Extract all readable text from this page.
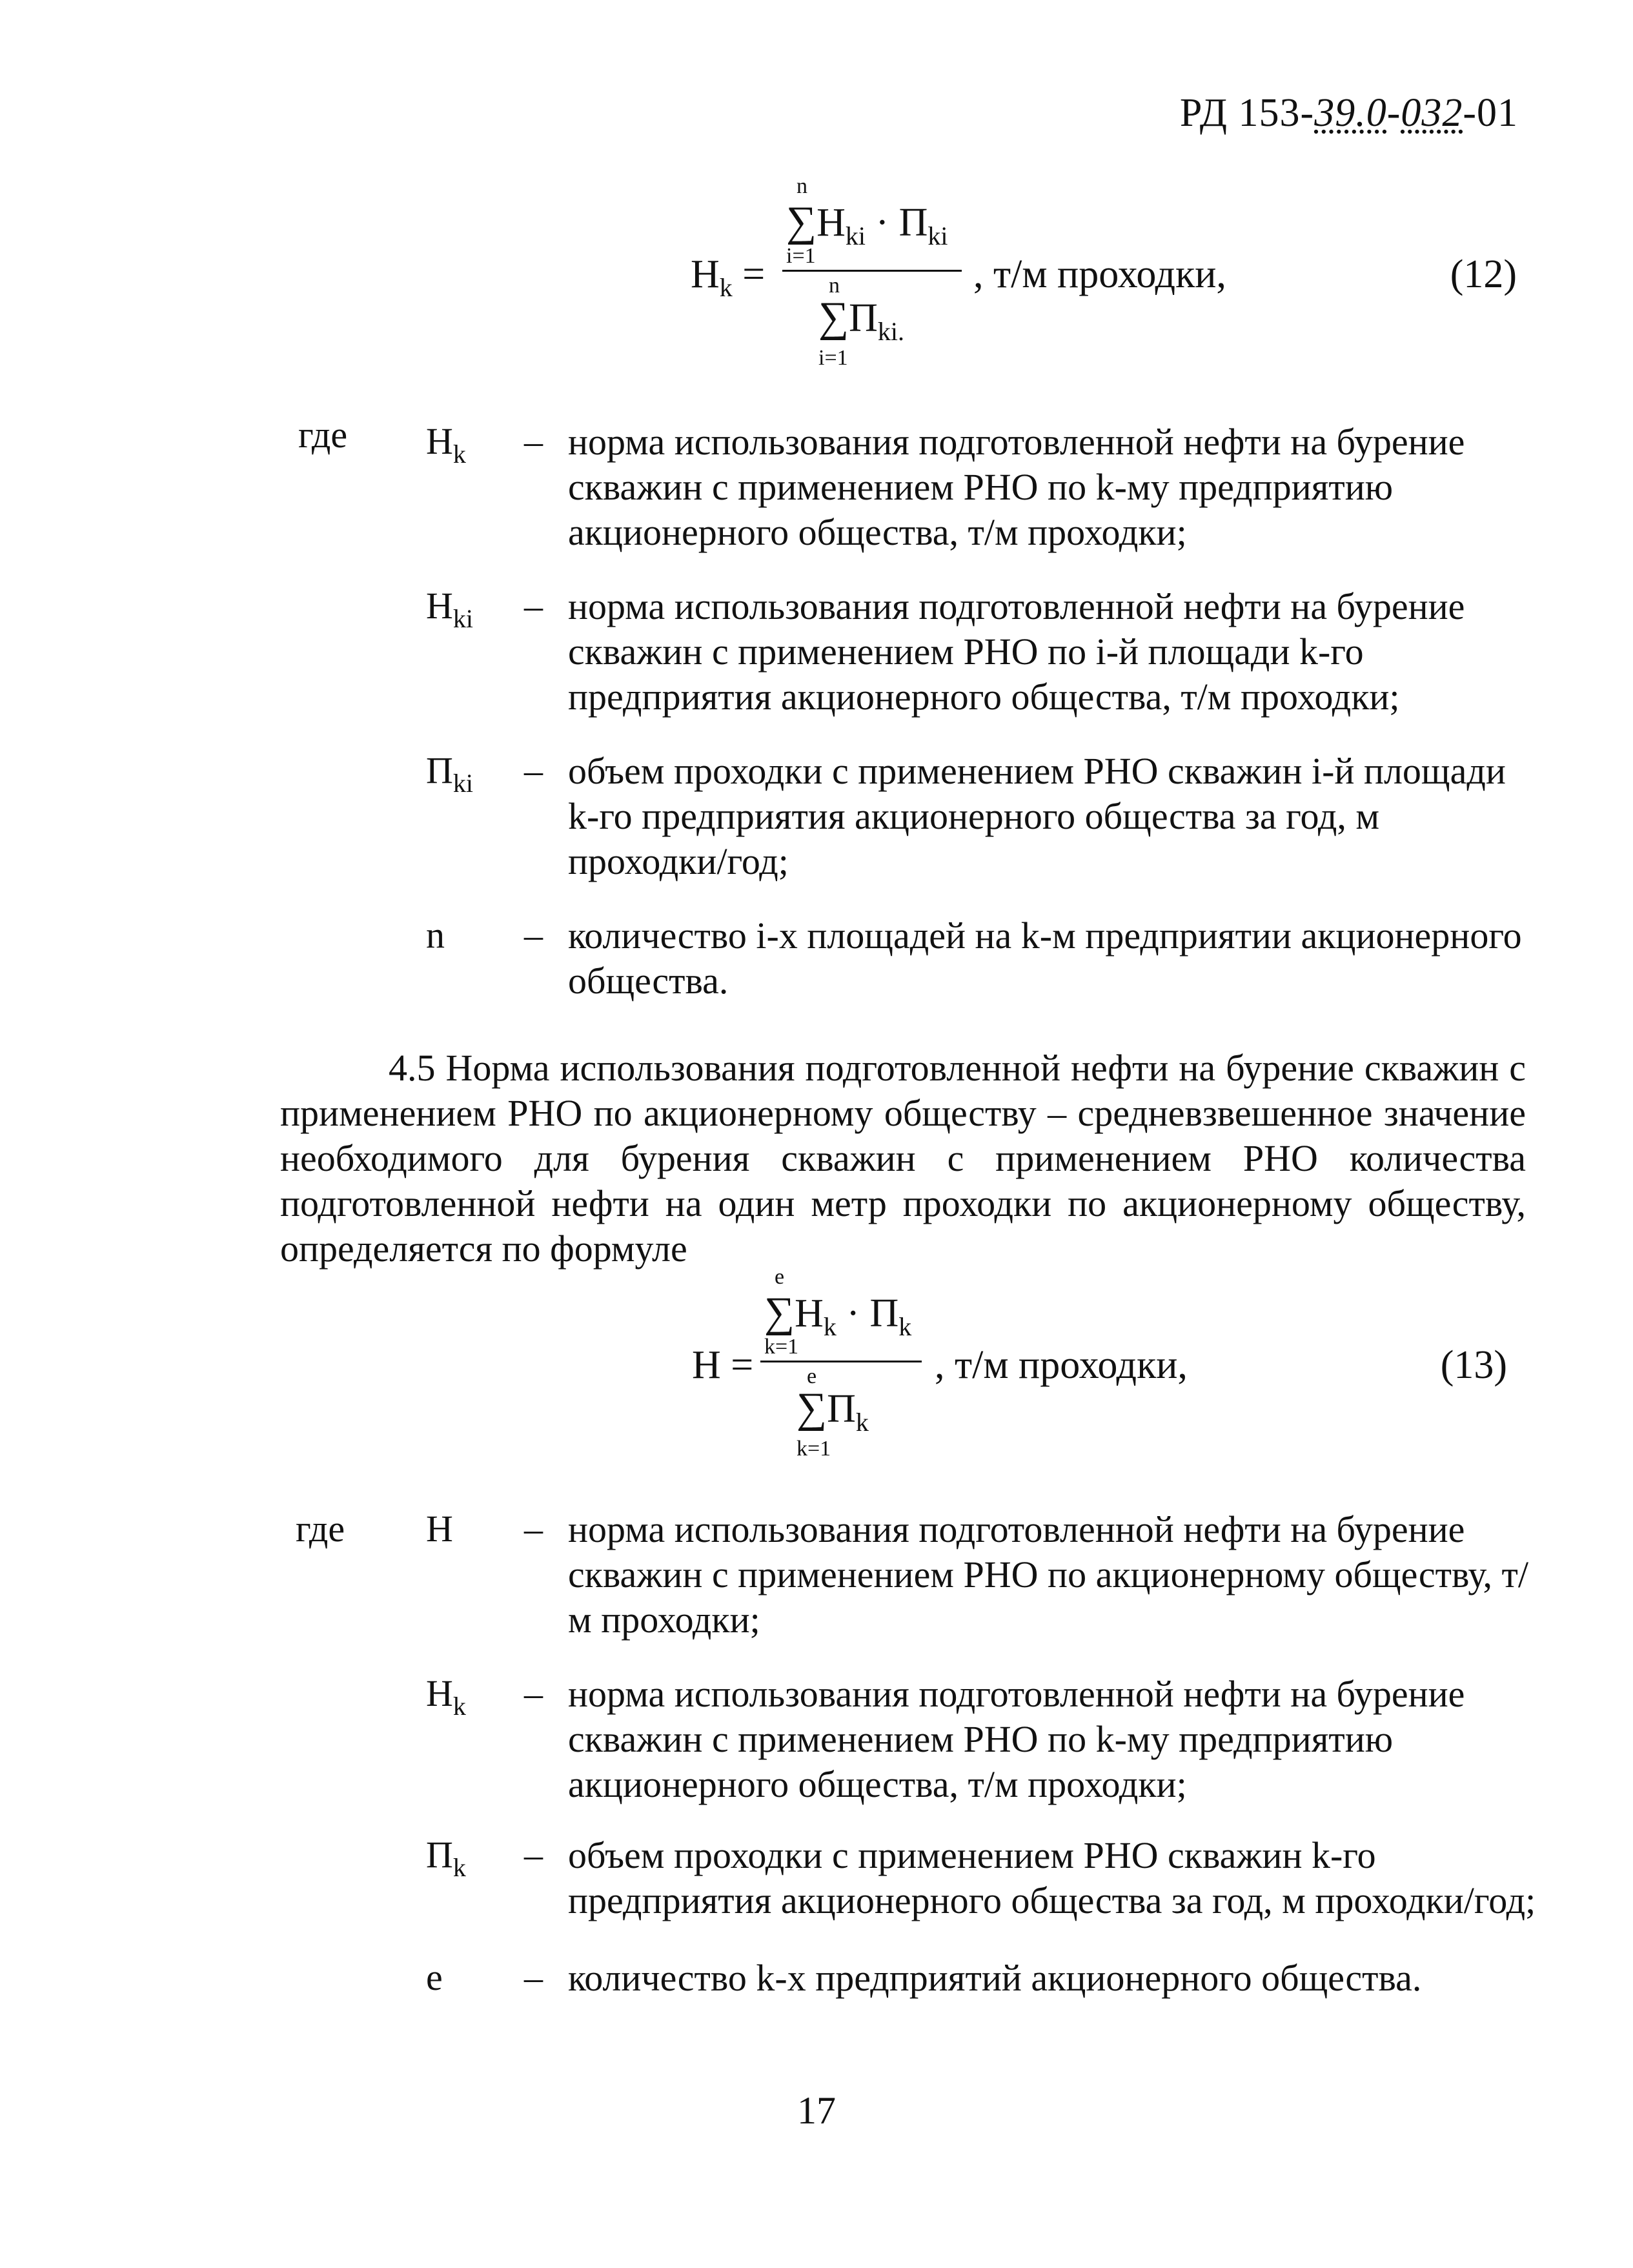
РД 153-39.0-032-01
$Н_k$ =
n
$\sum Н_{ki} \cdot П_{ki}$
i=1
n
$\sum П_{ki.}$
i=1
, т/м проходки,	(12)
где $Н_k$ – норма использования подготовленной нефти на бурение скважин с применением РНО по k-му предприятию акционерного общества, т/м проходки;
$Н_{ki}$ – норма использования подготовленной нефти на бурение скважин с применением РНО по i-й площади k-го предприятия акционерного общества, т/м проходки;
$П_{ki}$ – объем проходки с применением РНО скважин i-й площади k-го предприятия акционерного общества за год, м проходки/год;
n – количество i-х площадей на k-м предприятии акционерного общества.
4.5 Норма использования подготовленной нефти на бурение скважин с применением РНО по акционерному обществу – средневзвешенное значение необходимого для бурения скважин с применением РНО количества подготовленной нефти на один метр проходки по акционерному обществу, определяется по формуле
Н =
e
$\sum Н_k \cdot П_k$
k=1
e
$\sum П_k$
k=1
, т/м проходки,	(13)
где Н – норма использования подготовленной нефти на бурение скважин с применением РНО по акционерному обществу, т/м проходки;
$Н_k$ – норма использования подготовленной нефти на бурение скважин с применением РНО по k-му предприятию акционерного общества, т/м проходки;
$П_k$ – объем проходки с применением РНО скважин k-го предприятия акционерного общества за год, м проходки/год;
e – количество k-х предприятий акционерного общества.
17
